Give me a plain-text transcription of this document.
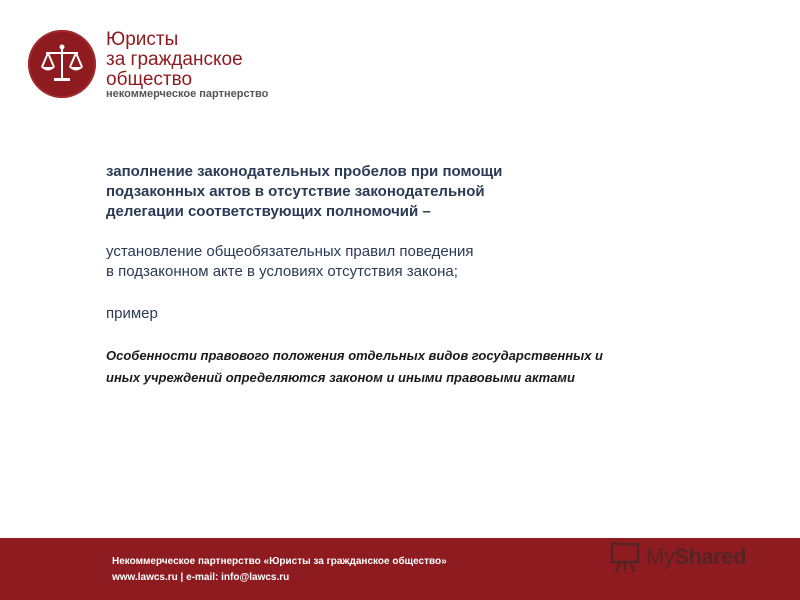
Юристы
за гражданское
общество
некоммерческое партнерство

заполнение законодательных пробелов при помощи
подзаконных актов в отсутствие законодательной
делегации соответствующих полномочий –

установление общеобязательных правил поведения
в подзаконном акте в условиях отсутствия закона;

пример

Особенности правового положения отдельных видов государственных и
иных учреждений определяются законом и иными правовыми актами

Некоммерческое партнерство «Юристы за гражданское общество»
www.lawcs.ru | e-mail: info@lawcs.ru
MyShared
